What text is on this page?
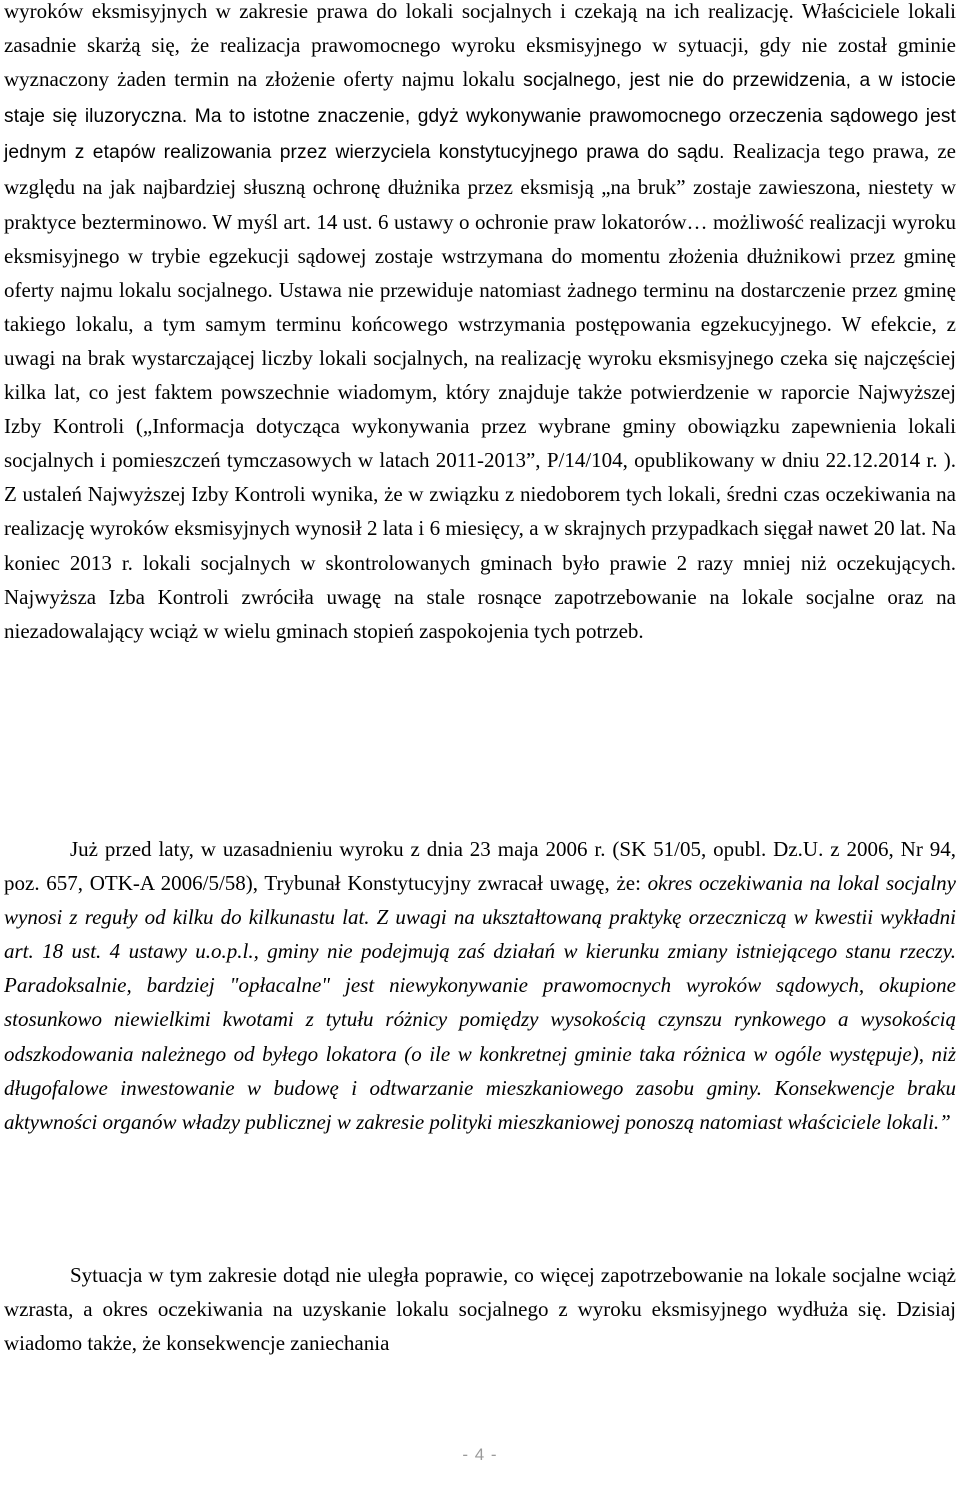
wyroków eksmisyjnych w zakresie prawa do lokali socjalnych i czekają na ich realizację. Właściciele lokali zasadnie skarżą się, że realizacja prawomocnego wyroku eksmisyjnego w sytuacji, gdy nie został gminie wyznaczony żaden termin na złożenie oferty najmu lokalu socjalnego, jest nie do przewidzenia, a w istocie staje się iluzoryczna. Ma to istotne znaczenie, gdyż wykonywanie prawomocnego orzeczenia sądowego jest jednym z etapów realizowania przez wierzyciela konstytucyjnego prawa do sądu. Realizacja tego prawa, ze względu na jak najbardziej słuszną ochronę dłużnika przez eksmisją „na bruk” zostaje zawieszona, niestety w praktyce bezterminowo. W myśl art. 14 ust. 6 ustawy o ochronie praw lokatorów… możliwość realizacji wyroku eksmisyjnego w trybie egzekucji sądowej zostaje wstrzymana do momentu złożenia dłużnikowi przez gminę oferty najmu lokalu socjalnego. Ustawa nie przewiduje natomiast żadnego terminu na dostarczenie przez gminę takiego lokalu, a tym samym terminu końcowego wstrzymania postępowania egzekucyjnego. W efekcie, z uwagi na brak wystarczającej liczby lokali socjalnych, na realizację wyroku eksmisyjnego czeka się najczęściej kilka lat, co jest faktem powszechnie wiadomym, który znajduje także potwierdzenie w raporcie Najwyższej Izby Kontroli („Informacja dotycząca wykonywania przez wybrane gminy obowiązku zapewnienia lokali socjalnych i pomieszczeń tymczasowych w latach 2011-2013”, P/14/104, opublikowany w dniu 22.12.2014 r. ). Z ustaleń Najwyższej Izby Kontroli wynika, że w związku z niedoborem tych lokali, średni czas oczekiwania na realizację wyroków eksmisyjnych wynosił 2 lata i 6 miesięcy, a w skrajnych przypadkach sięgał nawet 20 lat. Na koniec 2013 r. lokali socjalnych w skontrolowanych gminach było prawie 2 razy mniej niż oczekujących. Najwyższa Izba Kontroli zwróciła uwagę na stale rosnące zapotrzebowanie na lokale socjalne oraz na niezadowalający wciąż w wielu gminach stopień zaspokojenia tych potrzeb.

Już przed laty, w uzasadnieniu wyroku z dnia 23 maja 2006 r. (SK 51/05, opubl. Dz.U. z 2006, Nr 94, poz. 657, OTK-A 2006/5/58), Trybunał Konstytucyjny zwracał uwagę, że: okres oczekiwania na lokal socjalny wynosi z reguły od kilku do kilkunastu lat. Z uwagi na ukształtowaną praktykę orzeczniczą w kwestii wykładni art. 18 ust. 4 ustawy u.o.p.l., gminy nie podejmują zaś działań w kierunku zmiany istniejącego stanu rzeczy. Paradoksalnie, bardziej "opłacalne" jest niewykonywanie prawomocnych wyroków sądowych, okupione stosunkowo niewielkimi kwotami z tytułu różnicy pomiędzy wysokością czynszu rynkowego a wysokością odszkodowania należnego od byłego lokatora (o ile w konkretnej gminie taka różnica w ogóle występuje), niż długofalowe inwestowanie w budowę i odtwarzanie mieszkaniowego zasobu gminy. Konsekwencje braku aktywności organów władzy publicznej w zakresie polityki mieszkaniowej ponoszą natomiast właściciele lokali.”

Sytuacja w tym zakresie dotąd nie uległa poprawie, co więcej zapotrzebowanie na lokale socjalne wciąż wzrasta, a okres oczekiwania na uzyskanie lokalu socjalnego z wyroku eksmisyjnego wydłuża się. Dzisiaj wiadomo także, że konsekwencje zaniechania

- 4 -
